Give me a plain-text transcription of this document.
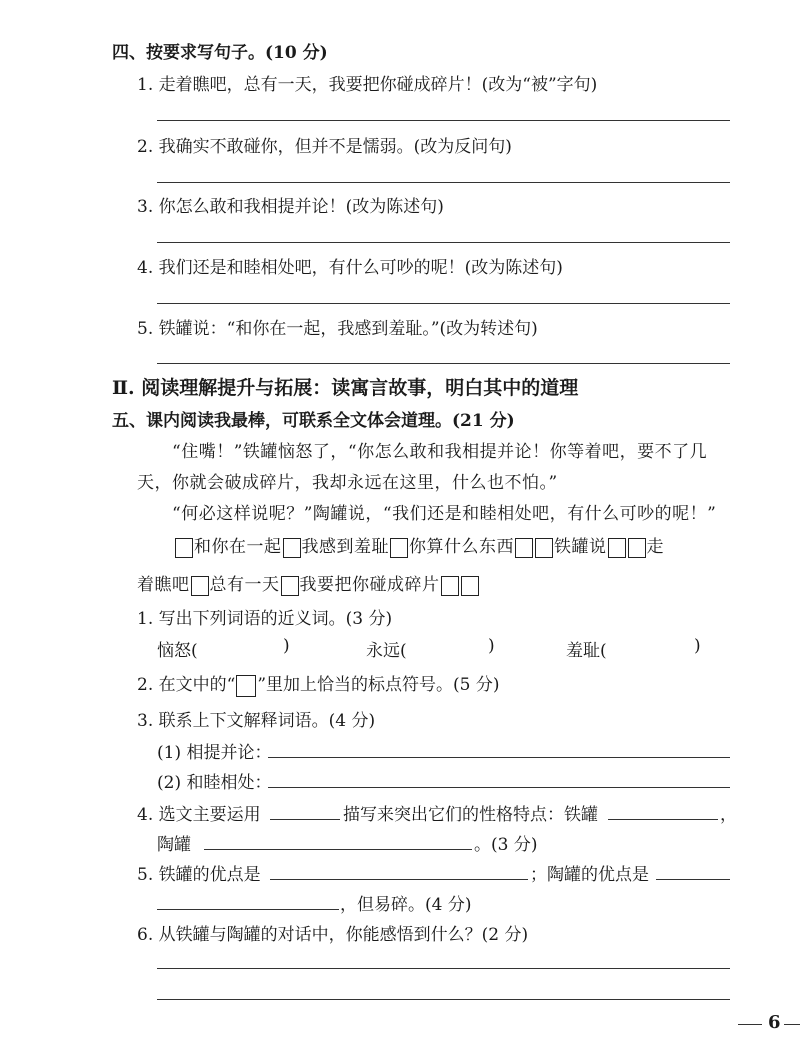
四、按要求写句子。(10 分)
1. 走着瞧吧，总有一天，我要把你碰成碎片！(改为“被”字句)
2. 我确实不敢碰你，但并不是懦弱。(改为反问句)
3. 你怎么敢和我相提并论！(改为陈述句)
4. 我们还是和睦相处吧，有什么可吵的呢！(改为陈述句)
5. 铁罐说：“和你在一起，我感到羞耻。”(改为转述句)
Ⅱ. 阅读理解提升与拓展：读寓言故事，明白其中的道理
五、课内阅读我最棒，可联系全文体会道理。(21 分)
“住嘴！”铁罐恼怒了，“你怎么敢和我相提并论！你等着吧，要不了几
天，你就会破成碎片，我却永远在这里，什么也不怕。”
“何必这样说呢？”陶罐说，“我们还是和睦相处吧，有什么可吵的呢！”
和你在一起 我感到羞耻 你算什么东西 铁罐说 走
着瞧吧 总有一天 我要把你碰成碎片
1. 写出下列词语的近义词。(3 分)
恼怒(	)	永远(	)	羞耻(	)
2. 在文中的“ ”里加上恰当的标点符号。(5 分)
3. 联系上下文解释词语。(4 分)
(1) 相提并论：
(2) 和睦相处：
4. 选文主要运用	描写来突出它们的性格特点：铁罐	，
陶罐	。(3 分)
5. 铁罐的优点是	；陶罐的优点是
，但易碎。(4 分)
6. 从铁罐与陶罐的对话中，你能感悟到什么？(2 分)
6
